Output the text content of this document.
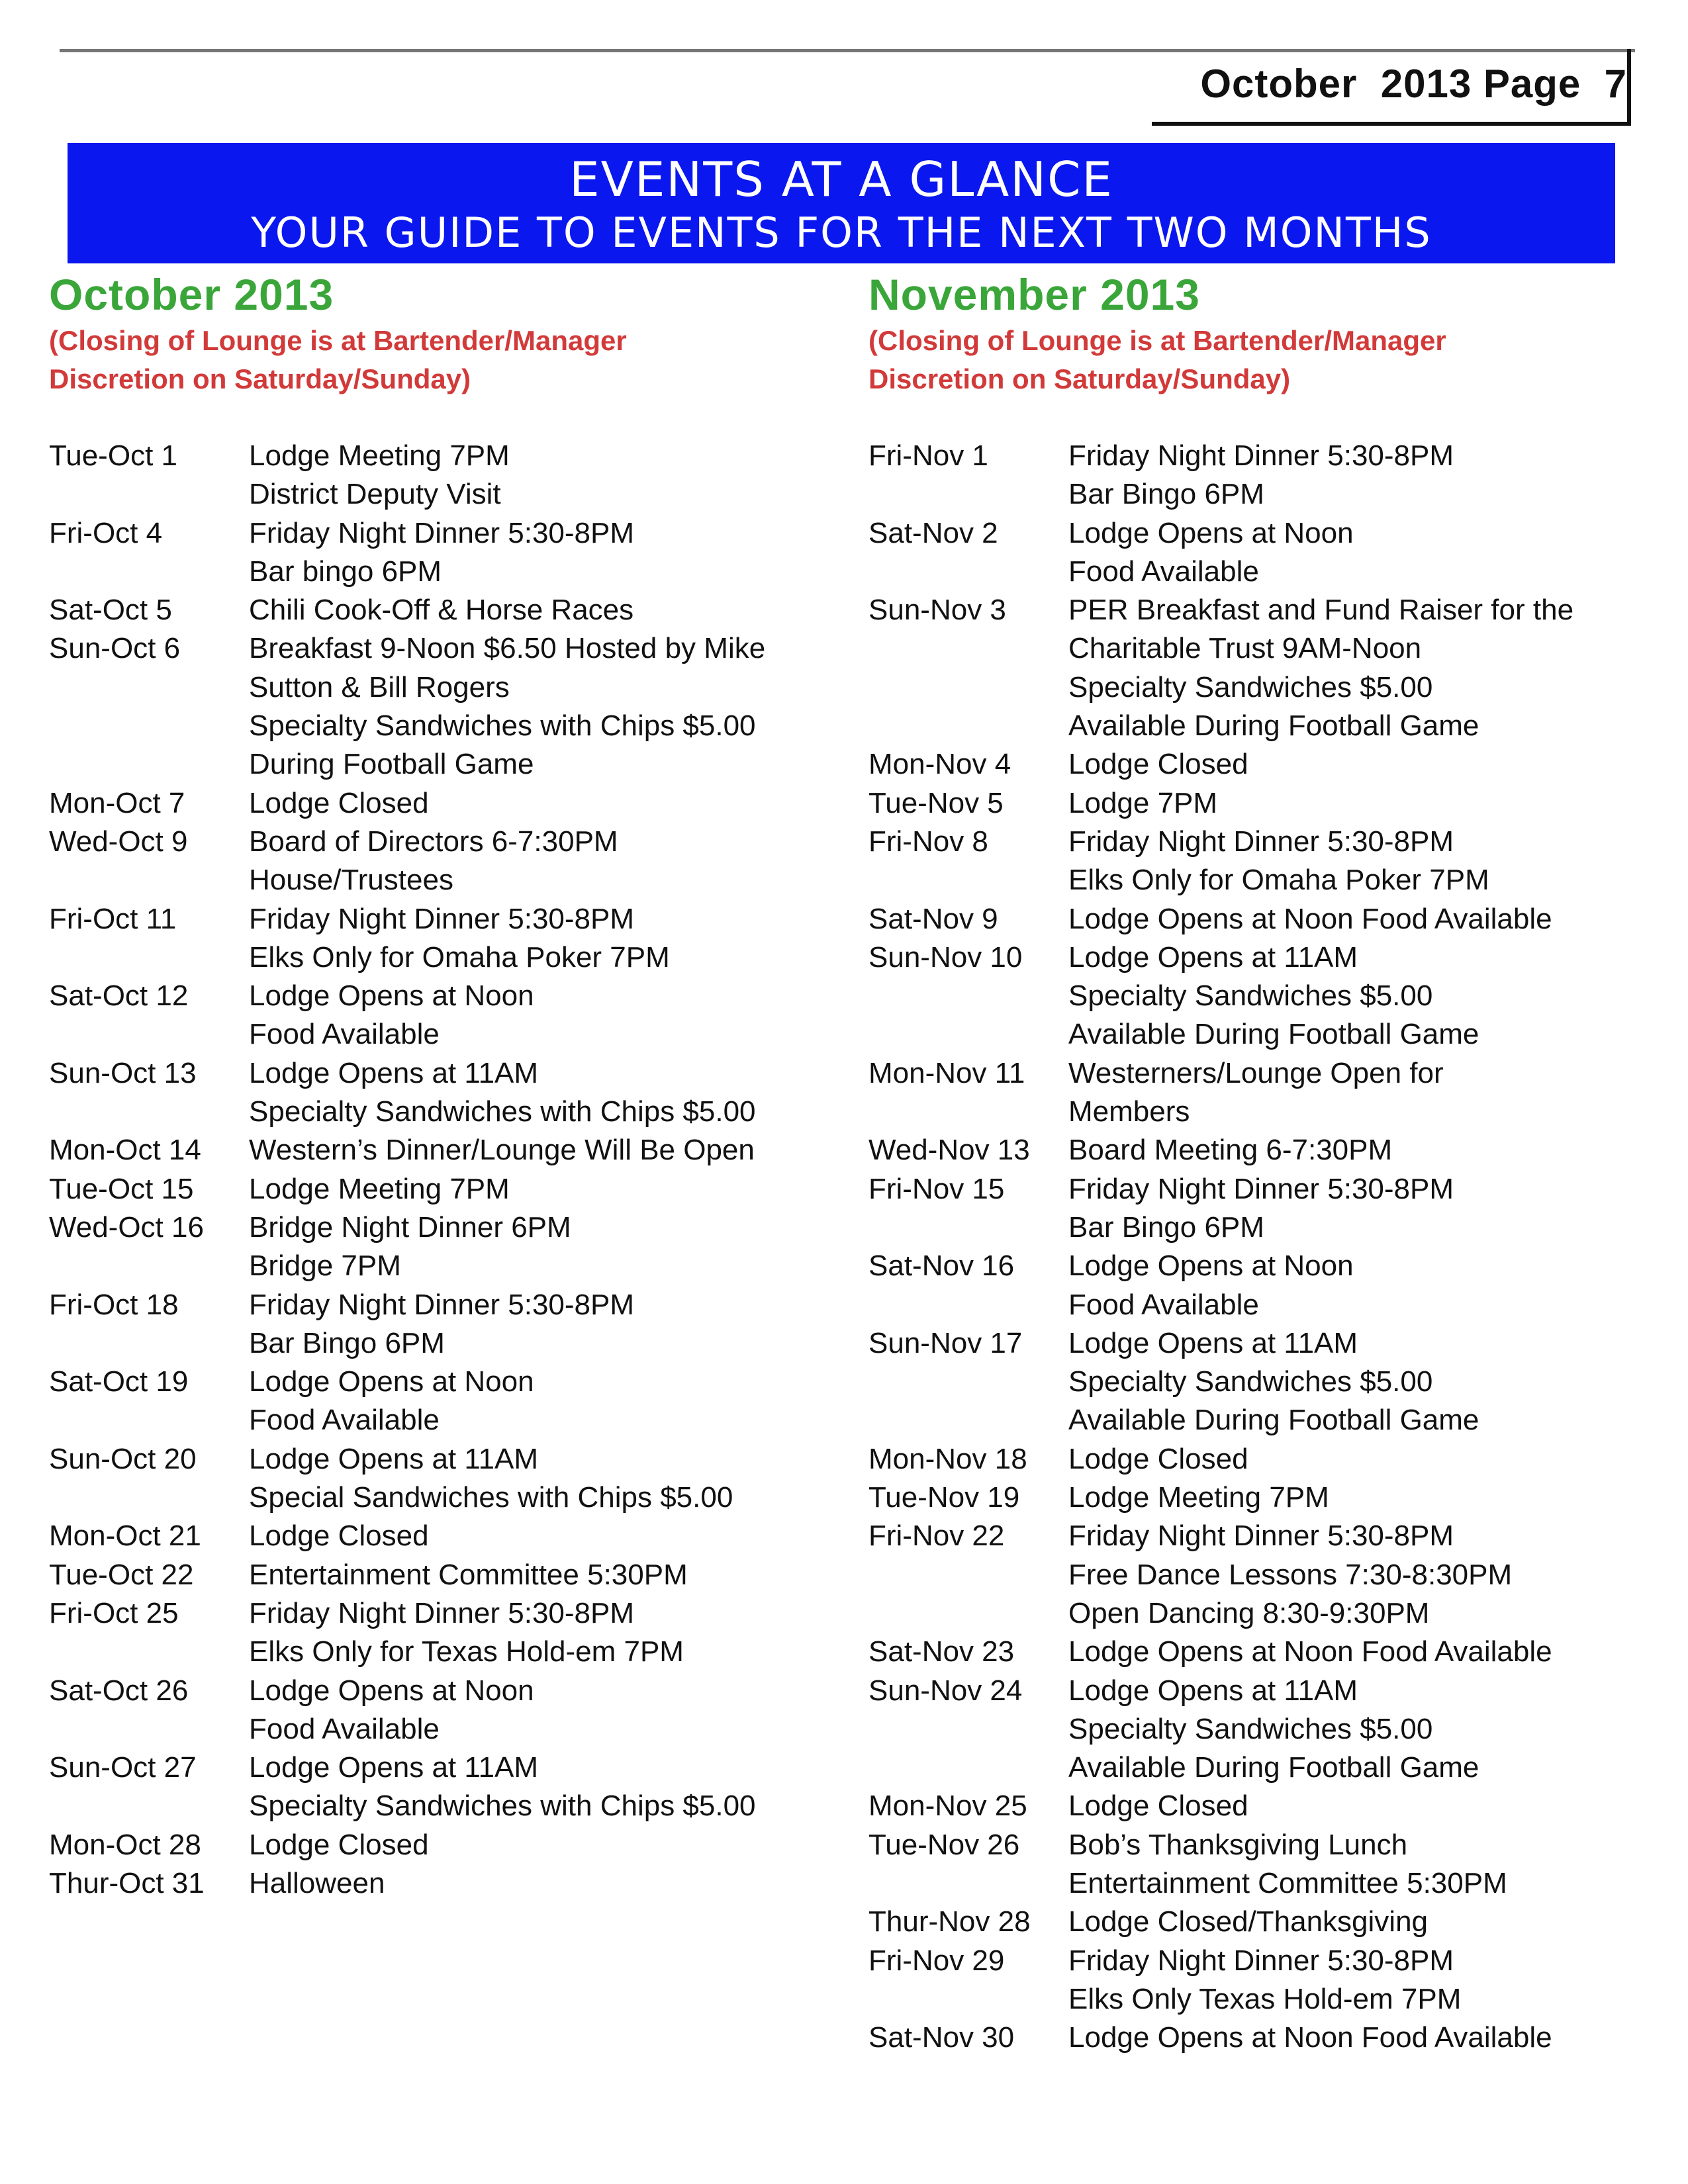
October  2013 Page  7
EVENTS AT A GLANCE
YOUR GUIDE TO EVENTS FOR THE NEXT TWO MONTHS
October 2013
(Closing of Lounge is at Bartender/Manager Discretion on Saturday/Sunday)
Tue-Oct 1	Lodge Meeting 7PM
District Deputy Visit
Fri-Oct 4	Friday Night Dinner 5:30-8PM
Bar bingo 6PM
Sat-Oct 5	Chili Cook-Off & Horse Races
Sun-Oct 6	Breakfast 9-Noon $6.50 Hosted by Mike
Sutton & Bill Rogers
Specialty Sandwiches with Chips $5.00
During Football Game
Mon-Oct 7	Lodge Closed
Wed-Oct 9	Board of Directors 6-7:30PM
House/Trustees
Fri-Oct 11	Friday Night Dinner 5:30-8PM
Elks Only for Omaha Poker 7PM
Sat-Oct 12	Lodge Opens at Noon
Food Available
Sun-Oct 13	Lodge Opens at 11AM
Specialty Sandwiches with Chips $5.00
Mon-Oct 14	Western’s Dinner/Lounge Will Be Open
Tue-Oct 15	Lodge Meeting 7PM
Wed-Oct 16	Bridge Night Dinner 6PM
Bridge 7PM
Fri-Oct 18	Friday Night Dinner 5:30-8PM
Bar Bingo 6PM
Sat-Oct 19	Lodge Opens at Noon
Food Available
Sun-Oct 20	Lodge Opens at 11AM
Special Sandwiches with Chips $5.00
Mon-Oct 21	Lodge Closed
Tue-Oct 22	Entertainment Committee 5:30PM
Fri-Oct 25	Friday Night Dinner 5:30-8PM
Elks Only for Texas Hold-em 7PM
Sat-Oct 26	Lodge Opens at Noon
Food Available
Sun-Oct 27	Lodge Opens at 11AM
Specialty Sandwiches with Chips $5.00
Mon-Oct 28	Lodge Closed
Thur-Oct 31	Halloween
November 2013
(Closing of Lounge is at Bartender/Manager Discretion on Saturday/Sunday)
Fri-Nov 1	Friday Night Dinner 5:30-8PM
Bar Bingo 6PM
Sat-Nov 2	Lodge Opens at Noon
Food Available
Sun-Nov 3	PER Breakfast and Fund Raiser for the
Charitable Trust 9AM-Noon
Specialty Sandwiches $5.00
Available During Football Game
Mon-Nov 4	Lodge Closed
Tue-Nov 5	Lodge 7PM
Fri-Nov 8	Friday Night Dinner 5:30-8PM
Elks Only for Omaha Poker 7PM
Sat-Nov 9	Lodge Opens at Noon Food Available
Sun-Nov 10	Lodge Opens at 11AM
Specialty Sandwiches $5.00
Available During Football Game
Mon-Nov 11	Westerners/Lounge Open for
Members
Wed-Nov 13	Board Meeting 6-7:30PM
Fri-Nov 15	Friday Night Dinner 5:30-8PM
Bar Bingo 6PM
Sat-Nov 16	Lodge Opens at Noon
Food Available
Sun-Nov 17	Lodge Opens at 11AM
Specialty Sandwiches $5.00
Available During Football Game
Mon-Nov 18	Lodge Closed
Tue-Nov 19	Lodge Meeting 7PM
Fri-Nov 22	Friday Night Dinner 5:30-8PM
Free Dance Lessons 7:30-8:30PM
Open Dancing 8:30-9:30PM
Sat-Nov 23	Lodge Opens at Noon Food Available
Sun-Nov 24	Lodge Opens at 11AM
Specialty Sandwiches $5.00
Available During Football Game
Mon-Nov 25	Lodge Closed
Tue-Nov 26	Bob’s Thanksgiving Lunch
Entertainment Committee 5:30PM
Thur-Nov 28	Lodge Closed/Thanksgiving
Fri-Nov 29	Friday Night Dinner 5:30-8PM
Elks Only Texas Hold-em 7PM
Sat-Nov 30	Lodge Opens at Noon Food Available
